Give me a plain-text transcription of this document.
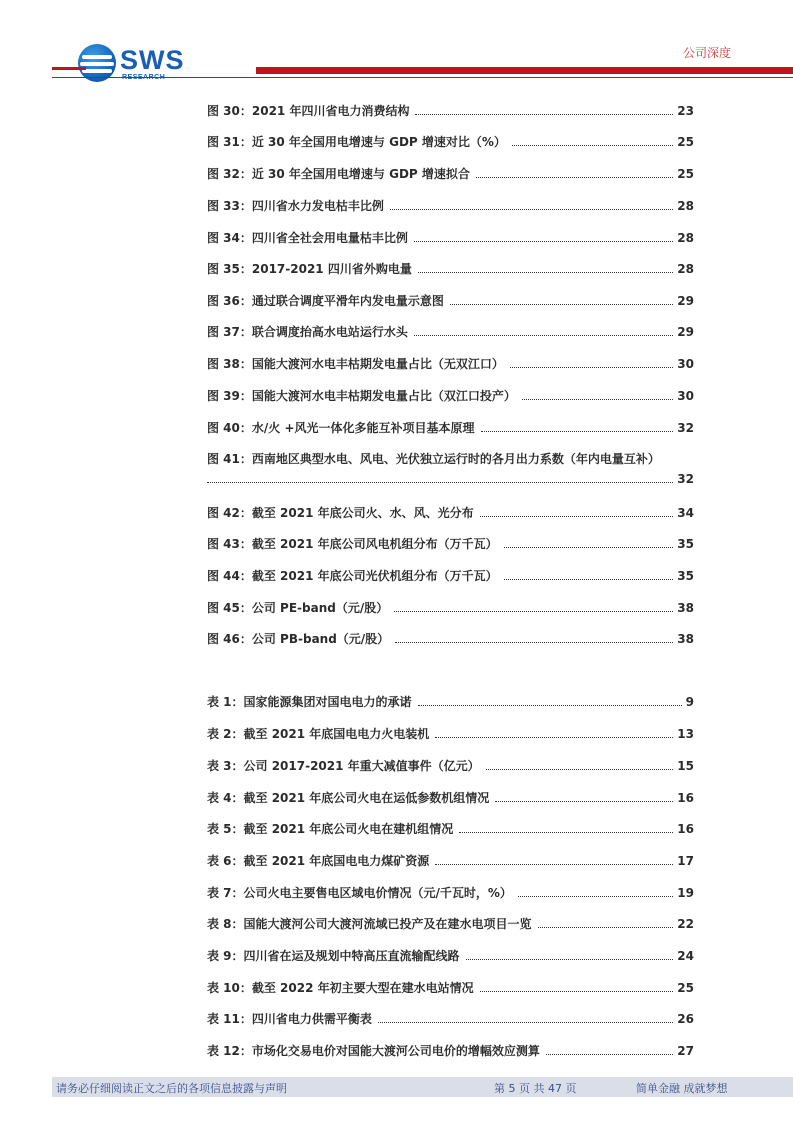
SWS	公司深度
图 30：2021 年四川省电力消费结构	23
图 31：近 30 年全国用电增速与 GDP 增速对比（%）	25
图 32：近 30 年全国用电增速与 GDP 增速拟合	25
图 33：四川省水力发电枯丰比例	28
图 34：四川省全社会用电量枯丰比例	28
图 35：2017-2021 四川省外购电量	28
图 36：通过联合调度平滑年内发电量示意图	29
图 37：联合调度抬高水电站运行水头	29
图 38：国能大渡河水电丰枯期发电量占比（无双江口）	30
图 39：国能大渡河水电丰枯期发电量占比（双江口投产）	30
图 40：水/火 +风光一体化多能互补项目基本原理	32
图 41：西南地区典型水电、风电、光伏独立运行时的各月出力系数（年内电量互补）
32
图 42：截至 2021 年底公司火、水、风、光分布	34
图 43：截至 2021 年底公司风电机组分布（万千瓦）	35
图 44：截至 2021 年底公司光伏机组分布（万千瓦）	35
图 45：公司 PE-band（元/股）	38
图 46：公司 PB-band（元/股）	38
表 1：国家能源集团对国电电力的承诺	9
表 2：截至 2021 年底国电电力火电装机	13
表 3：公司 2017-2021 年重大减值事件（亿元）	15
表 4：截至 2021 年底公司火电在运低参数机组情况	16
表 5：截至 2021 年底公司火电在建机组情况	16
表 6：截至 2021 年底国电电力煤矿资源	17
表 7：公司火电主要售电区域电价情况（元/千瓦时，%）	19
表 8：国能大渡河公司大渡河流域已投产及在建水电项目一览	22
表 9：四川省在运及规划中特高压直流输配线路	24
表 10：截至 2022 年初主要大型在建水电站情况	25
表 11：四川省电力供需平衡表	26
表 12：市场化交易电价对国能大渡河公司电价的增幅效应测算	27
请务必仔细阅读正文之后的各项信息披露与声明	第 5 页 共 47 页	简单金融 成就梦想
